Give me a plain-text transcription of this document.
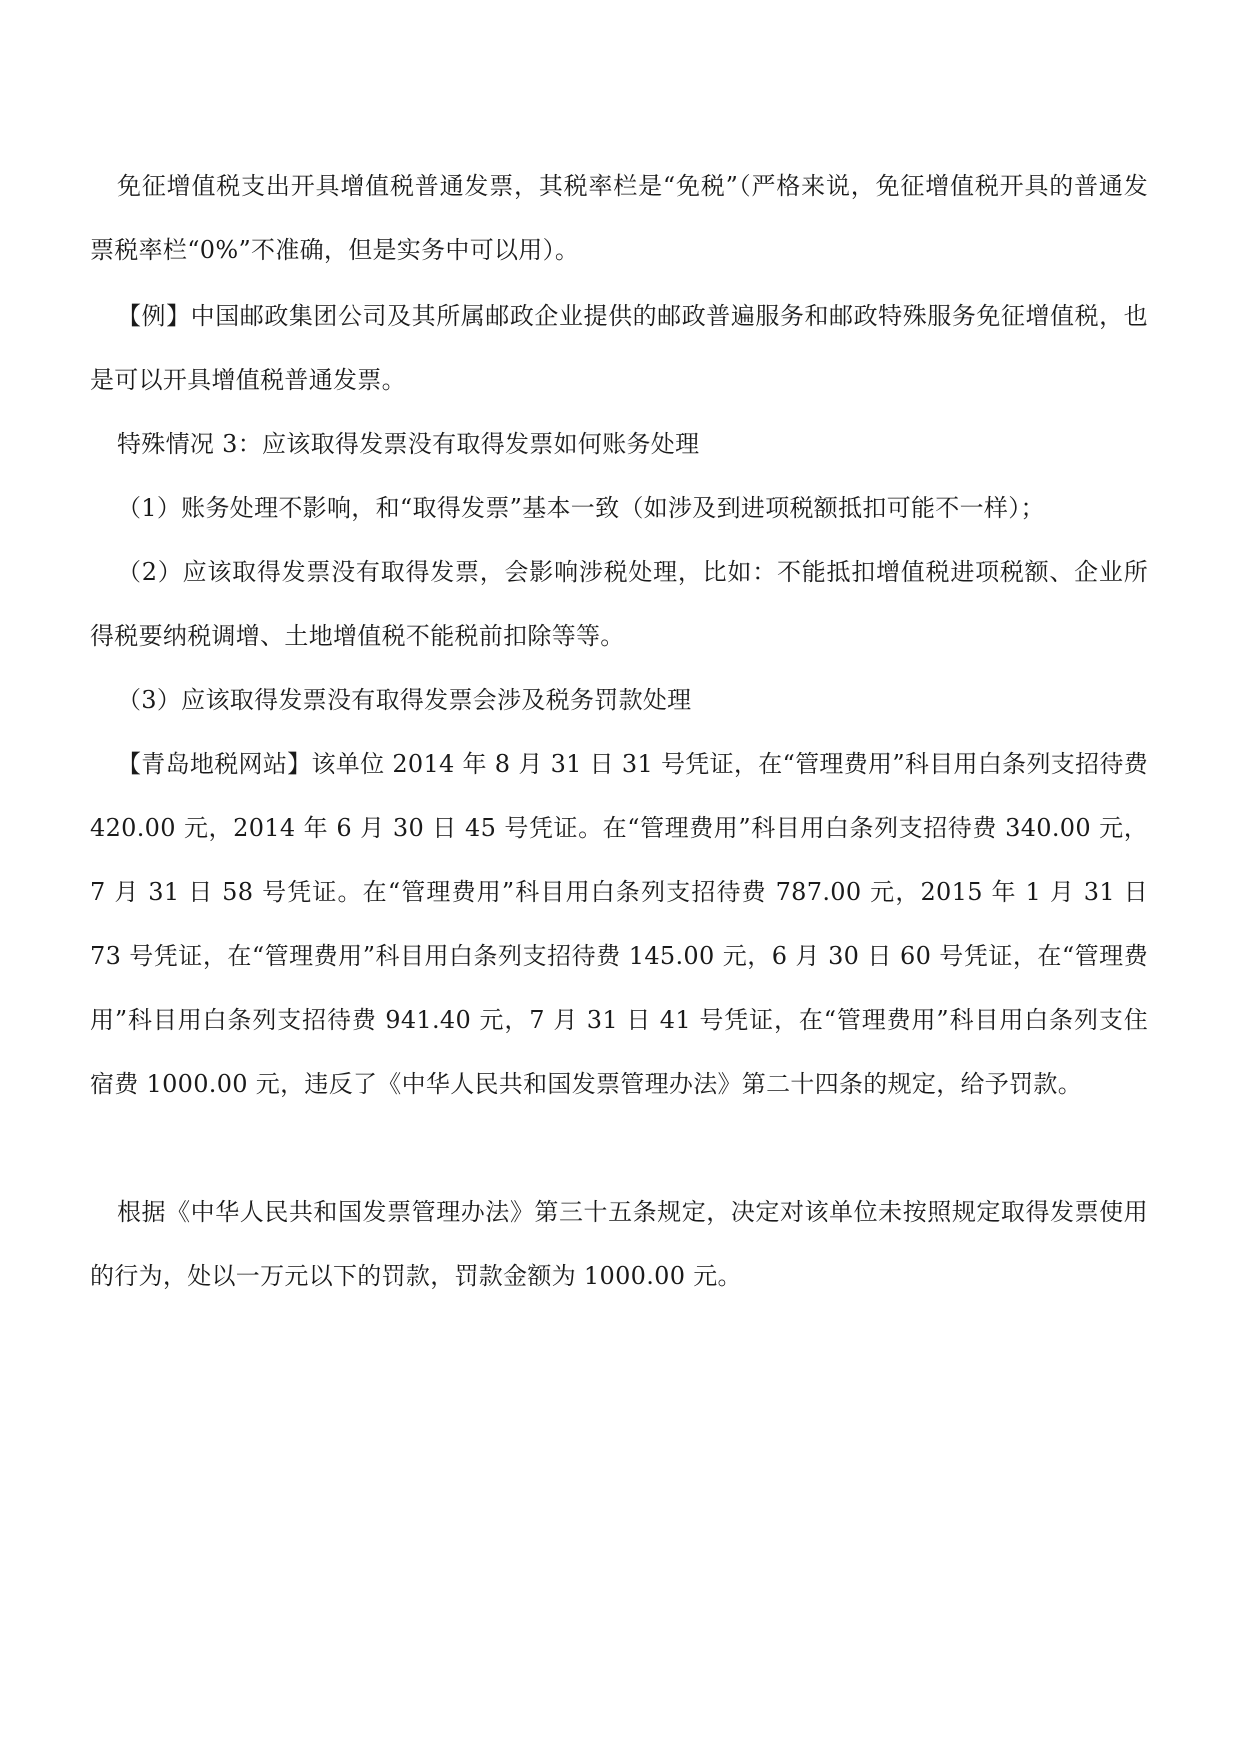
免征增值税支出开具增值税普通发票，其税率栏是“免税”（严格来说，免征增值税开具的普通发票税率栏“0%”不准确，但是实务中可以用）。

【例】中国邮政集团公司及其所属邮政企业提供的邮政普遍服务和邮政特殊服务免征增值税，也是可以开具增值税普通发票。

特殊情况 3：应该取得发票没有取得发票如何账务处理

（1）账务处理不影响，和“取得发票”基本一致（如涉及到进项税额抵扣可能不一样）；

（2）应该取得发票没有取得发票，会影响涉税处理，比如：不能抵扣增值税进项税额、企业所得税要纳税调增、土地增值税不能税前扣除等等。

（3）应该取得发票没有取得发票会涉及税务罚款处理

【青岛地税网站】该单位 2014 年 8 月 31 日 31 号凭证，在“管理费用”科目用白条列支招待费 420.00 元，2014 年 6 月 30 日 45 号凭证。在“管理费用”科目用白条列支招待费 340.00 元，7 月 31 日 58 号凭证。在“管理费用”科目用白条列支招待费 787.00 元，2015 年 1 月 31 日 73 号凭证，在“管理费用”科目用白条列支招待费 145.00 元，6 月 30 日 60 号凭证，在“管理费用”科目用白条列支招待费 941.40 元，7 月 31 日 41 号凭证，在“管理费用”科目用白条列支住宿费 1000.00 元，违反了《中华人民共和国发票管理办法》第二十四条的规定，给予罚款。

根据《中华人民共和国发票管理办法》第三十五条规定，决定对该单位未按照规定取得发票使用的行为，处以一万元以下的罚款，罚款金额为 1000.00 元。
